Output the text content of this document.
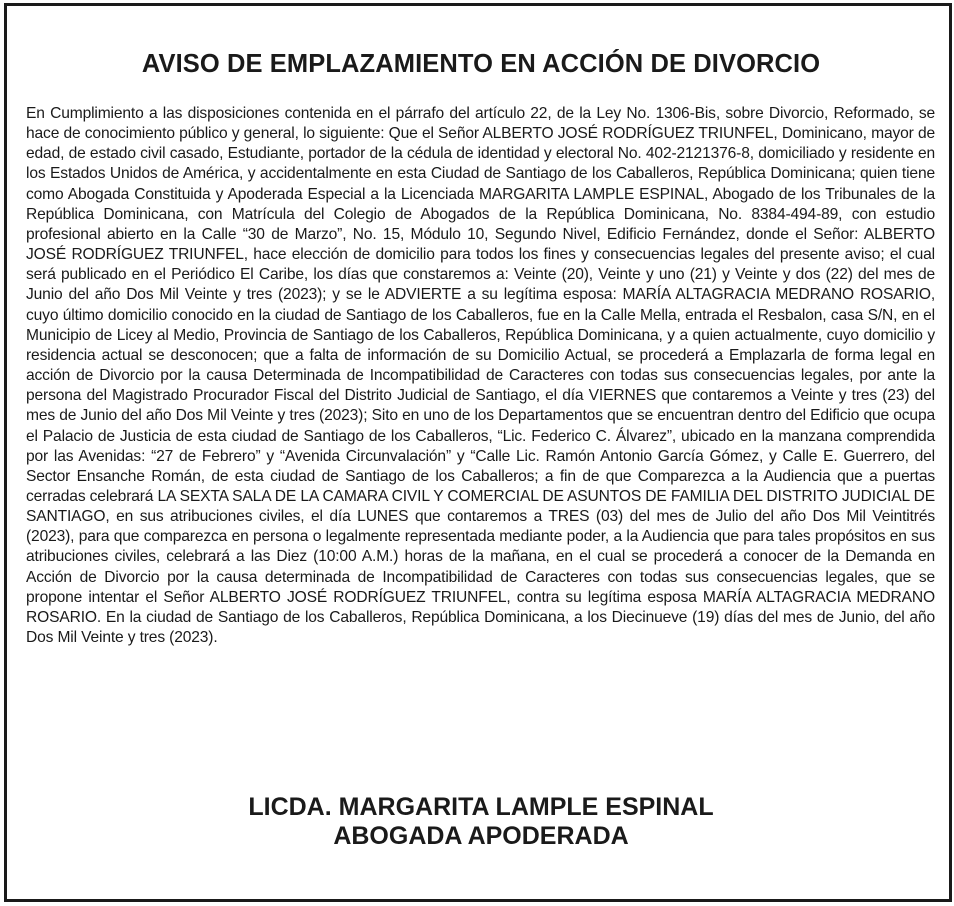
AVISO DE EMPLAZAMIENTO EN ACCIÓN DE DIVORCIO

En Cumplimiento a las disposiciones contenida en el párrafo del artículo 22, de la Ley No. 1306-Bis, sobre Divorcio, Reformado, se hace de conocimiento público y general, lo siguiente: Que el Señor ALBERTO JOSÉ RODRÍGUEZ TRIUNFEL, Dominicano, mayor de edad, de estado civil casado, Estudiante, portador de la cédula de identidad y electoral No. 402-2121376-8, domiciliado y residente en los Estados Unidos de América, y accidentalmente en esta Ciudad de Santiago de los Caballeros, República Dominicana; quien tiene como Abogada Constituida y Apoderada Especial a la Licenciada MARGARITA LAMPLE ESPINAL, Abogado de los Tribunales de la República Dominicana, con Matrícula del Colegio de Abogados de la República Dominicana, No. 8384-494-89, con estudio profesional abierto en la Calle “30 de Marzo”, No. 15, Módulo 10, Segundo Nivel, Edificio Fernández, donde el Señor: ALBERTO JOSÉ RODRÍGUEZ TRIUNFEL, hace elección de domicilio para todos los fines y consecuencias legales del presente aviso; el cual será publicado en el Periódico El Caribe, los días que constaremos a: Veinte (20), Veinte y uno (21) y Veinte y dos (22) del mes de Junio del año Dos Mil Veinte y tres (2023); y se le ADVIERTE a su legítima esposa: MARÍA ALTAGRACIA MEDRANO ROSARIO, cuyo último domicilio conocido en la ciudad de Santiago de los Caballeros, fue en la Calle Mella, entrada el Resbalon, casa S/N, en el Municipio de Licey al Medio, Provincia de Santiago de los Caballeros, República Dominicana, y a quien actualmente, cuyo domicilio y residencia actual se desconocen; que a falta de información de su Domicilio Actual, se procederá a Emplazarla de forma legal en acción de Divorcio por la causa Determinada de Incompatibilidad de Caracteres con todas sus consecuencias legales, por ante la persona del Magistrado Procurador Fiscal del Distrito Judicial de Santiago, el día VIERNES que contaremos a Veinte y tres (23) del mes de Junio del año Dos Mil Veinte y tres (2023); Sito en uno de los Departamentos que se encuentran dentro del Edificio que ocupa el Palacio de Justicia de esta ciudad de Santiago de los Caballeros, “Lic. Federico C. Álvarez”, ubicado en la manzana comprendida por las Avenidas: “27 de Febrero” y “Avenida Circunvalación” y “Calle Lic. Ramón Antonio García Gómez, y Calle E. Guerrero, del Sector Ensanche Román, de esta ciudad de Santiago de los Caballeros; a fin de que Comparezca a la Audiencia que a puertas cerradas celebrará LA SEXTA SALA DE LA CAMARA CIVIL Y COMERCIAL DE ASUNTOS DE FAMILIA DEL DISTRITO JUDICIAL DE SANTIAGO, en sus atribuciones civiles, el día LUNES que contaremos a TRES (03) del mes de Julio del año Dos Mil Veintitrés (2023), para que comparezca en persona o legalmente representada mediante poder, a la Audiencia que para tales propósitos en sus atribuciones civiles, celebrará a las Diez (10:00 A.M.) horas de la mañana, en el cual se procederá a conocer de la Demanda en Acción de Divorcio por la causa determinada de Incompatibilidad de Caracteres con todas sus consecuencias legales, que se propone intentar el Señor ALBERTO JOSÉ RODRÍGUEZ TRIUNFEL, contra su legítima esposa MARÍA ALTAGRACIA MEDRANO ROSARIO. En la ciudad de Santiago de los Caballeros, República Dominicana, a los Diecinueve (19) días del mes de Junio, del año Dos Mil Veinte y tres (2023).

LICDA. MARGARITA LAMPLE ESPINAL
ABOGADA APODERADA
